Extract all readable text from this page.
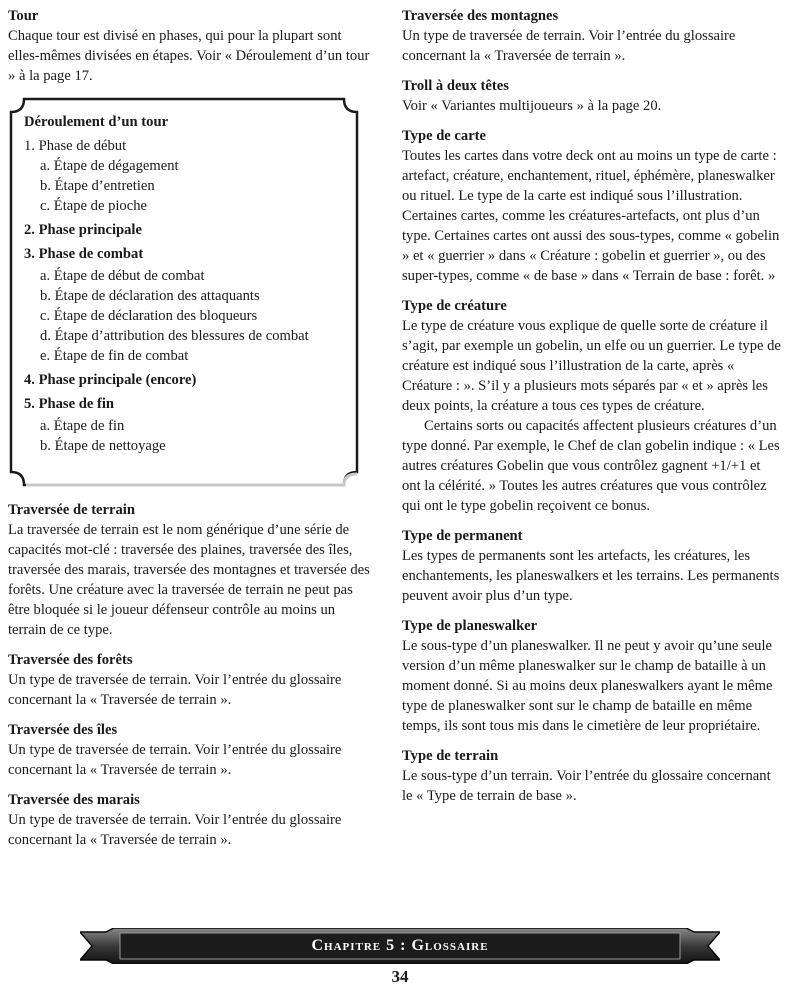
Tour

Chaque tour est divisé en phases, qui pour la plupart sont elles-mêmes divisées en étapes. Voir « Déroulement d’un tour » à la page 17.

Déroulement d’un tour
1. Phase de début
a. Étape de dégagement
b. Étape d’entretien
c. Étape de pioche
2. Phase principale
3. Phase de combat
a. Étape de début de combat
b. Étape de déclaration des attaquants
c. Étape de déclaration des bloqueurs
d. Étape d’attribution des blessures de combat
e. Étape de fin de combat
4. Phase principale (encore)
5. Phase de fin
a. Étape de fin
b. Étape de nettoyage
Traversée de terrain

La traversée de terrain est le nom générique d’une série de capacités mot-clé : traversée des plaines, traversée des îles, traversée des marais, traversée des montagnes et traversée des forêts. Une créature avec la traversée de terrain ne peut pas être bloquée si le joueur défenseur contrôle au moins un terrain de ce type.

Traversée des forêts

Un type de traversée de terrain. Voir l’entrée du glossaire concernant la « Traversée de terrain ».

Traversée des îles

Un type de traversée de terrain. Voir l’entrée du glossaire concernant la « Traversée de terrain ».

Traversée des marais

Un type de traversée de terrain. Voir l’entrée du glossaire concernant la « Traversée de terrain ».

Traversée des montagnes

Un type de traversée de terrain. Voir l’entrée du glossaire concernant la « Traversée de terrain ».

Troll à deux têtes

Voir « Variantes multijoueurs » à la page 20.

Type de carte

Toutes les cartes dans votre deck ont au moins un type de carte : artefact, créature, enchantement, rituel, éphémère, planeswalker ou rituel. Le type de la carte est indiqué sous l’illustration. Certaines cartes, comme les créatures-artefacts, ont plus d’un type. Certaines cartes ont aussi des sous-types, comme « gobelin » et « guerrier » dans « Créature : gobelin et guerrier », ou des super-types, comme « de base » dans « Terrain de base : forêt. »

Type de créature

Le type de créature vous explique de quelle sorte de créature il s’agit, par exemple un gobelin, un elfe ou un guerrier. Le type de créature est indiqué sous l’illustration de la carte, après « Créature : ». S’il y a plusieurs mots séparés par « et » après les deux points, la créature a tous ces types de créature.

Certains sorts ou capacités affectent plusieurs créatures d’un type donné. Par exemple, le Chef de clan gobelin indique : « Les autres créatures Gobelin que vous contrôlez gagnent +1/+1 et ont la célérité. » Toutes les autres créatures que vous contrôlez qui ont le type gobelin reçoivent ce bonus.

Type de permanent

Les types de permanents sont les artefacts, les créatures, les enchantements, les planeswalkers et les terrains. Les permanents peuvent avoir plus d’un type.

Type de planeswalker

Le sous-type d’un planeswalker. Il ne peut y avoir qu’une seule version d’un même planeswalker sur le champ de bataille à un moment donné. Si au moins deux planeswalkers ayant le même type de planeswalker sont sur le champ de bataille en même temps, ils sont tous mis dans le cimetière de leur propriétaire.

Type de terrain

Le sous-type d’un terrain. Voir l’entrée du glossaire concernant le « Type de terrain de base ».

Chapitre 5 : Glossaire
34
